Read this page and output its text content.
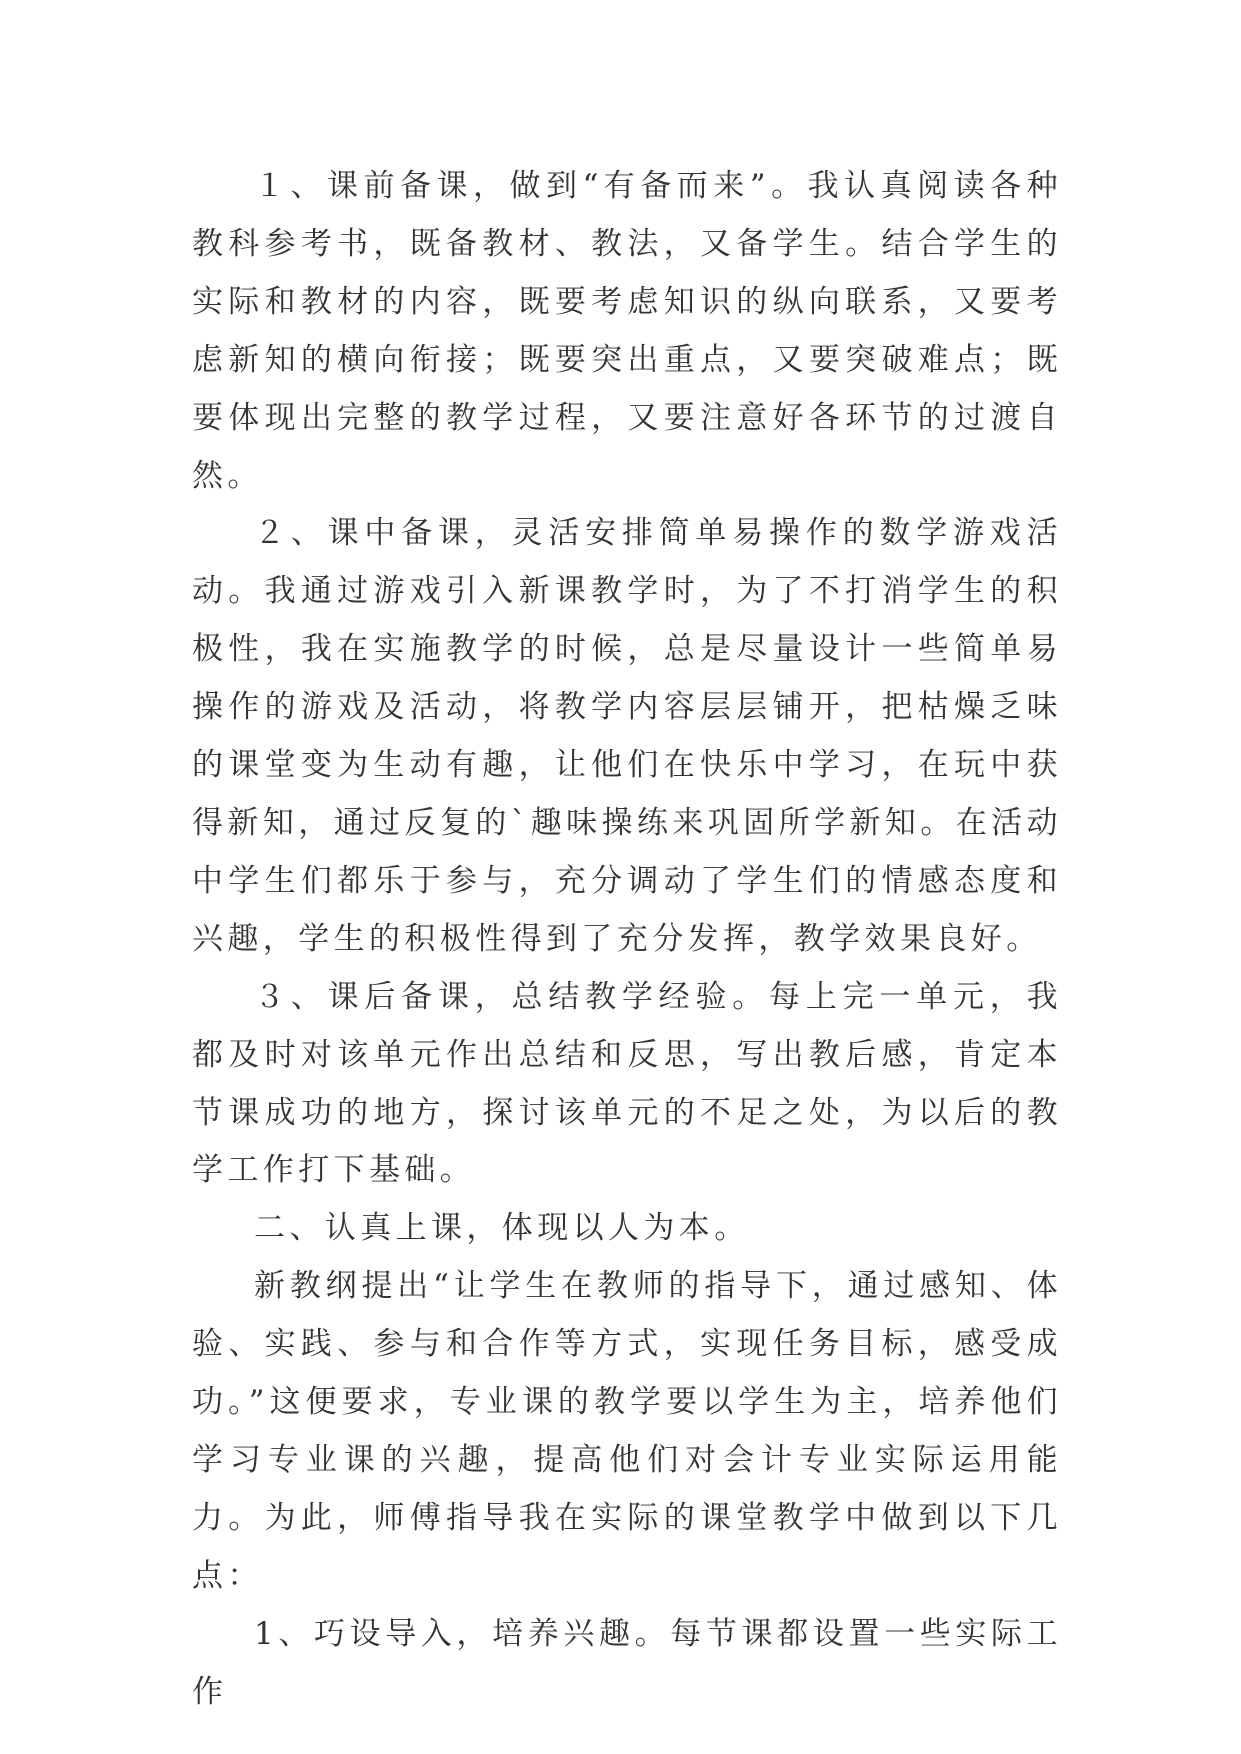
１、课前备课，做到“有备而来”。我认真阅读各种教科参考书，既备教材、教法，又备学生。结合学生的实际和教材的内容，既要考虑知识的纵向联系，又要考虑新知的横向衔接；既要突出重点，又要突破难点；既要体现出完整的教学过程，又要注意好各环节的过渡自然。

２、课中备课，灵活安排简单易操作的数学游戏活动。我通过游戏引入新课教学时，为了不打消学生的积极性，我在实施教学的时候，总是尽量设计一些简单易操作的游戏及活动，将教学内容层层铺开，把枯燥乏味的课堂变为生动有趣，让他们在快乐中学习，在玩中获得新知，通过反复的`趣味操练来巩固所学新知。在活动中学生们都乐于参与，充分调动了学生们的情感态度和兴趣，学生的积极性得到了充分发挥，教学效果良好。

３、课后备课，总结教学经验。每上完一单元，我都及时对该单元作出总结和反思，写出教后感，肯定本节课成功的地方，探讨该单元的不足之处，为以后的教学工作打下基础。

二、认真上课，体现以人为本。

新教纲提出“让学生在教师的指导下，通过感知、体验、实践、参与和合作等方式，实现任务目标，感受成功。”这便要求，专业课的教学要以学生为主，培养他们学习专业课的兴趣，提高他们对会计专业实际运用能力。为此，师傅指导我在实际的课堂教学中做到以下几点：

1、巧设导入，培养兴趣。每节课都设置一些实际工作
